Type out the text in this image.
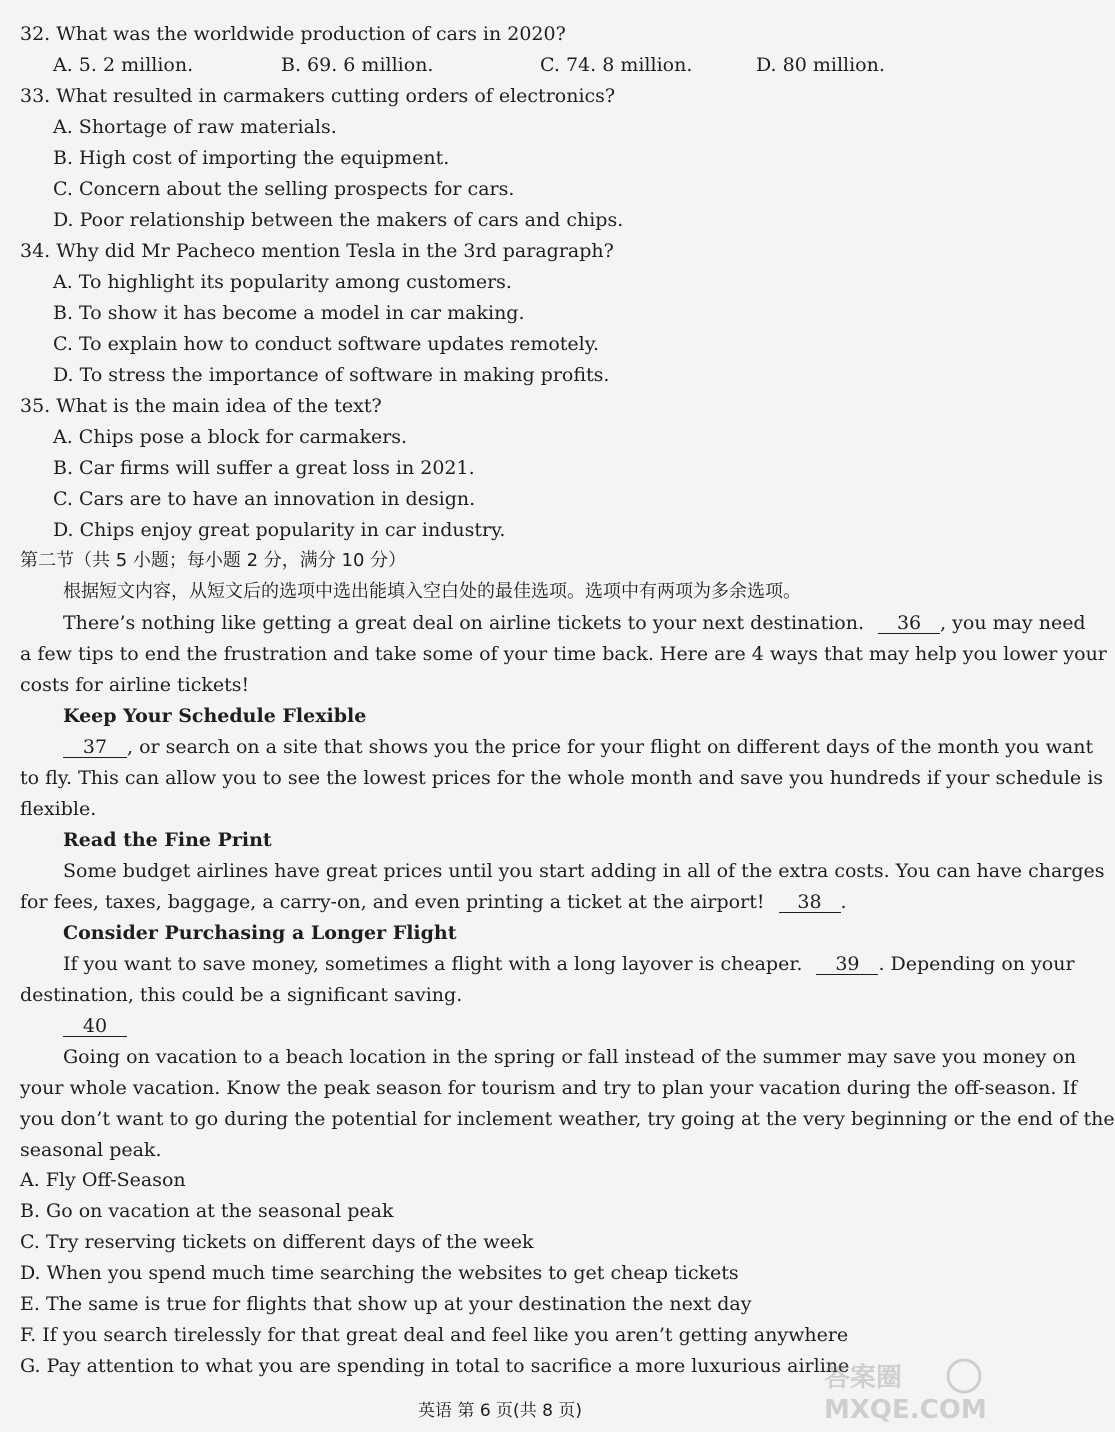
32. What was the worldwide production of cars in 2020?
A. 5. 2 million.	B. 69. 6 million.	C. 74. 8 million.	D. 80 million.
33. What resulted in carmakers cutting orders of electronics?
A. Shortage of raw materials.
B. High cost of importing the equipment.
C. Concern about the selling prospects for cars.
D. Poor relationship between the makers of cars and chips.
34. Why did Mr Pacheco mention Tesla in the 3rd paragraph?
A. To highlight its popularity among customers.
B. To show it has become a model in car making.
C. To explain how to conduct software updates remotely.
D. To stress the importance of software in making profits.
35. What is the main idea of the text?
A. Chips pose a block for carmakers.
B. Car firms will suffer a great loss in 2021.
C. Cars are to have an innovation in design.
D. Chips enjoy great popularity in car industry.
第二节（共 5 小题；每小题 2 分，满分 10 分）
根据短文内容，从短文后的选项中选出能填入空白处的最佳选项。选项中有两项为多余选项。
There’s nothing like getting a great deal on airline tickets to your next destination. 36 , you may need
a few tips to end the frustration and take some of your time back. Here are 4 ways that may help you lower your
costs for airline tickets!
Keep Your Schedule Flexible
37 , or search on a site that shows you the price for your flight on different days of the month you want
to fly. This can allow you to see the lowest prices for the whole month and save you hundreds if your schedule is
flexible.
Read the Fine Print
Some budget airlines have great prices until you start adding in all of the extra costs. You can have charges
for fees, taxes, baggage, a carry-on, and even printing a ticket at the airport! 38 .
Consider Purchasing a Longer Flight
If you want to save money, sometimes a flight with a long layover is cheaper. 39 . Depending on your
destination, this could be a significant saving.
40
Going on vacation to a beach location in the spring or fall instead of the summer may save you money on
your whole vacation. Know the peak season for tourism and try to plan your vacation during the off-season. If
you don’t want to go during the potential for inclement weather, try going at the very beginning or the end of the
seasonal peak.
A. Fly Off-Season
B. Go on vacation at the seasonal peak
C. Try reserving tickets on different days of the week
D. When you spend much time searching the websites to get cheap tickets
E. The same is true for flights that show up at your destination the next day
F. If you search tirelessly for that great deal and feel like you aren’t getting anywhere
G. Pay attention to what you are spending in total to sacrifice a more luxurious airline
英语 第 6 页(共 8 页)
答案圈
MXQE.COM
